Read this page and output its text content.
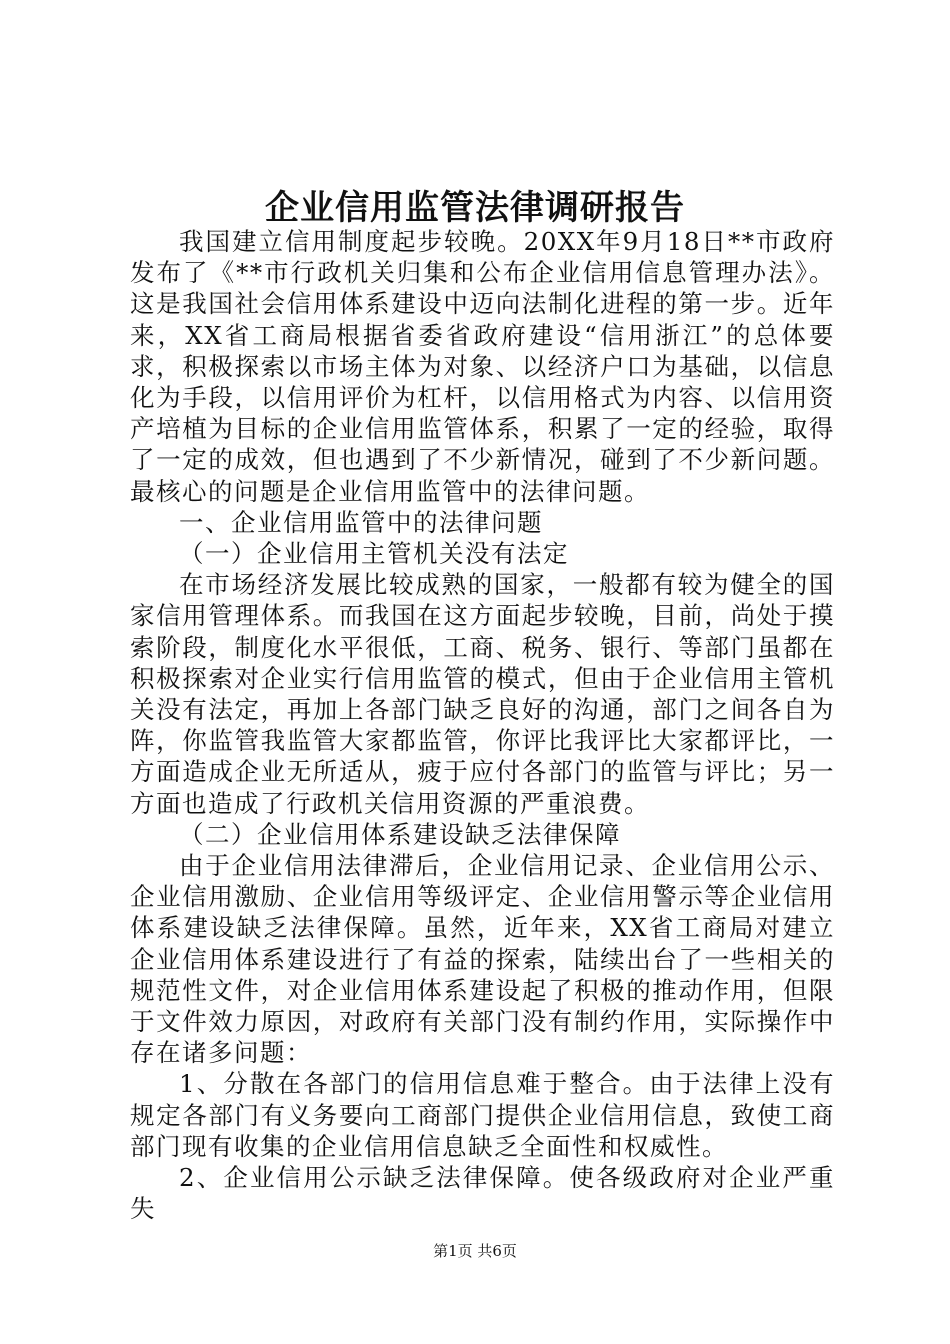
企业信用监管法律调研报告

我国建立信用制度起步较晚。20XX年9月18日**市政府发布了《**市行政机关归集和公布企业信用信息管理办法》。这是我国社会信用体系建设中迈向法制化进程的第一步。近年来，XX省工商局根据省委省政府建设“信用浙江”的总体要求，积极探索以市场主体为对象、以经济户口为基础，以信息化为手段，以信用评价为杠杆，以信用格式为内容、以信用资产培植为目标的企业信用监管体系，积累了一定的经验，取得了一定的成效，但也遇到了不少新情况，碰到了不少新问题。最核心的问题是企业信用监管中的法律问题。

一、企业信用监管中的法律问题

（一）企业信用主管机关没有法定

在市场经济发展比较成熟的国家，一般都有较为健全的国家信用管理体系。而我国在这方面起步较晚，目前，尚处于摸索阶段，制度化水平很低，工商、税务、银行、等部门虽都在积极探索对企业实行信用监管的模式，但由于企业信用主管机关没有法定，再加上各部门缺乏良好的沟通，部门之间各自为阵，你监管我监管大家都监管，你评比我评比大家都评比，一方面造成企业无所适从，疲于应付各部门的监管与评比；另一方面也造成了行政机关信用资源的严重浪费。

（二）企业信用体系建设缺乏法律保障

由于企业信用法律滞后，企业信用记录、企业信用公示、企业信用激励、企业信用等级评定、企业信用警示等企业信用体系建设缺乏法律保障。虽然，近年来，XX省工商局对建立企业信用体系建设进行了有益的探索，陆续出台了一些相关的规范性文件，对企业信用体系建设起了积极的推动作用，但限于文件效力原因，对政府有关部门没有制约作用，实际操作中存在诸多问题：

1、分散在各部门的信用信息难于整合。由于法律上没有规定各部门有义务要向工商部门提供企业信用信息，致使工商部门现有收集的企业信用信息缺乏全面性和权威性。

2、企业信用公示缺乏法律保障。使各级政府对企业严重失

第1页 共6页
